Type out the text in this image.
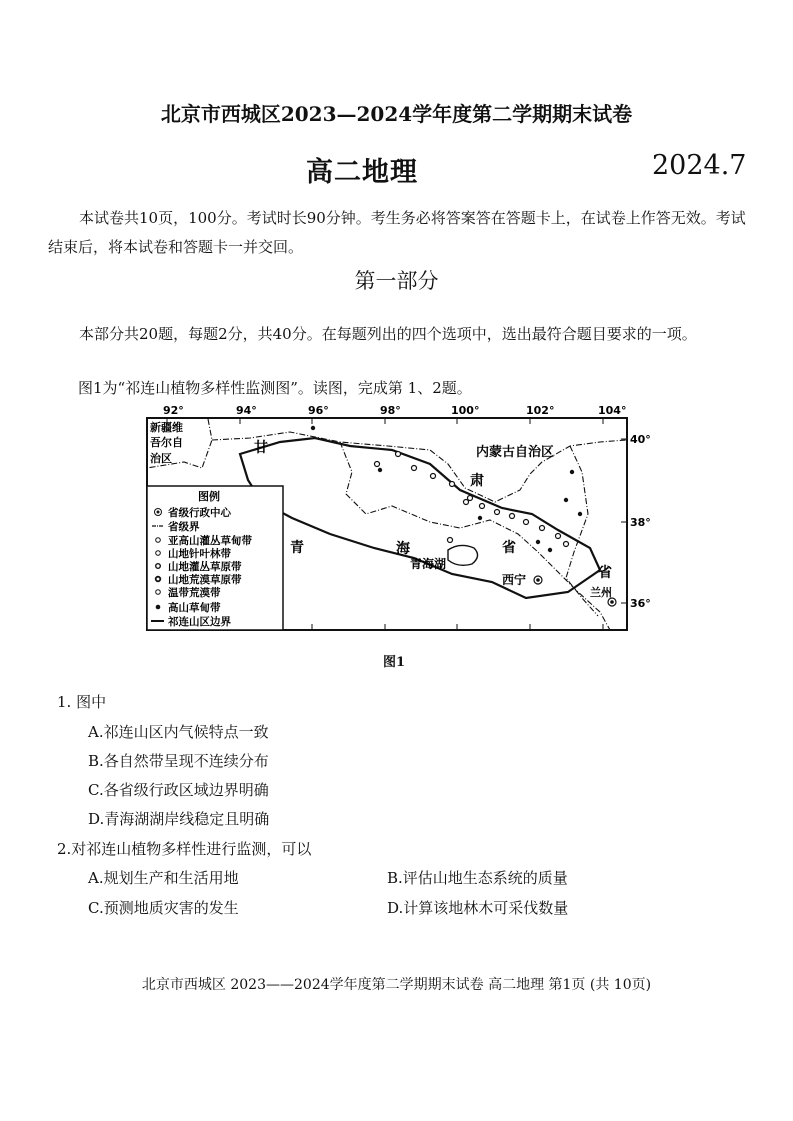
北京市西城区2023—2024学年度第二学期期末试卷
高二地理	2024.7
本试卷共10页，100分。考试时长90分钟。考生务必将答案答在答题卡上，在试卷上作答无效。考试结束后，将本试卷和答题卡一并交回。
第一部分
本部分共20题，每题2分，共40分。在每题列出的四个选项中，选出最符合题目要求的一项。
图1为“祁连山植物多样性监测图”。读图，完成第 1、2题。
92°	94°	96°	98°	100°	102°	104°
40°
38°
36°
新疆维
吾尔自
治区
甘
肃
省
内蒙古自治区
青	海
省
青海湖
西宁
兰州
图例
省级行政中心
省级界
亚高山灌丛草甸带
山地针叶林带
山地灌丛草原带
山地荒漠草原带
温带荒漠带
高山草甸带
祁连山区边界
图1
1. 图中
A.祁连山区内气候特点一致
B.各自然带呈现不连续分布
C.各省级行政区域边界明确
D.青海湖湖岸线稳定且明确
2.对祁连山植物多样性进行监测，可以
A.规划生产和生活用地	B.评估山地生态系统的质量
C.预测地质灾害的发生	D.计算该地林木可采伐数量
北京市西城区 2023——2024学年度第二学期期末试卷 高二地理 第1页 (共 10页)
